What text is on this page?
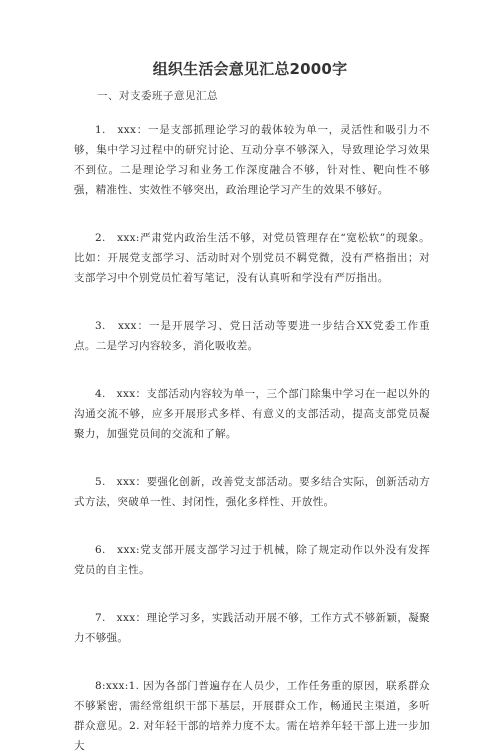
组织生活会意见汇总2000字
一、对支委班子意见汇总

1.　xxx：一是支部抓理论学习的载体较为单一，灵活性和吸引力不够，集中学习过程中的研究讨论、互动分享不够深入，导致理论学习效果不到位。二是理论学习和业务工作深度融合不够，针对性、靶向性不够强，精准性、实效性不够突出，政治理论学习产生的效果不够好。

2.　xxx:严肃党内政治生活不够，对党员管理存在“宽松软”的现象。比如：开展党支部学习、活动时对个别党员不羁党微，没有严格指出；对支部学习中个别党员忙着写笔记，没有认真听和学没有严厉指出。

3.　xxx：一是开展学习、党日活动等要进一步结合XX党委工作重点。二是学习内容较多，消化吸收差。

4.　xxx：支部活动内容较为单一，三个部门除集中学习在一起以外的沟通交流不够，应多开展形式多样、有意义的支部活动，提高支部党员凝聚力，加强党员间的交流和了解。

5.　xxx：要强化创新，改善党支部活动。要多结合实际，创新活动方式方法，突破单一性、封闭性，强化多样性、开放性。

6.　xxx:党支部开展支部学习过于机械，除了规定动作以外没有发挥党员的自主性。

7.　xxx：理论学习多，实践活动开展不够，工作方式不够新颖，凝聚力不够强。

8:xxx:1. 因为各部门普遍存在人员少，工作任务重的原因，联系群众不够紧密，需经常组织干部下基层，开展群众工作，畅通民主渠道，多听群众意见。2. 对年轻干部的培养力度不太。需在培养年轻干部上进一步加大
